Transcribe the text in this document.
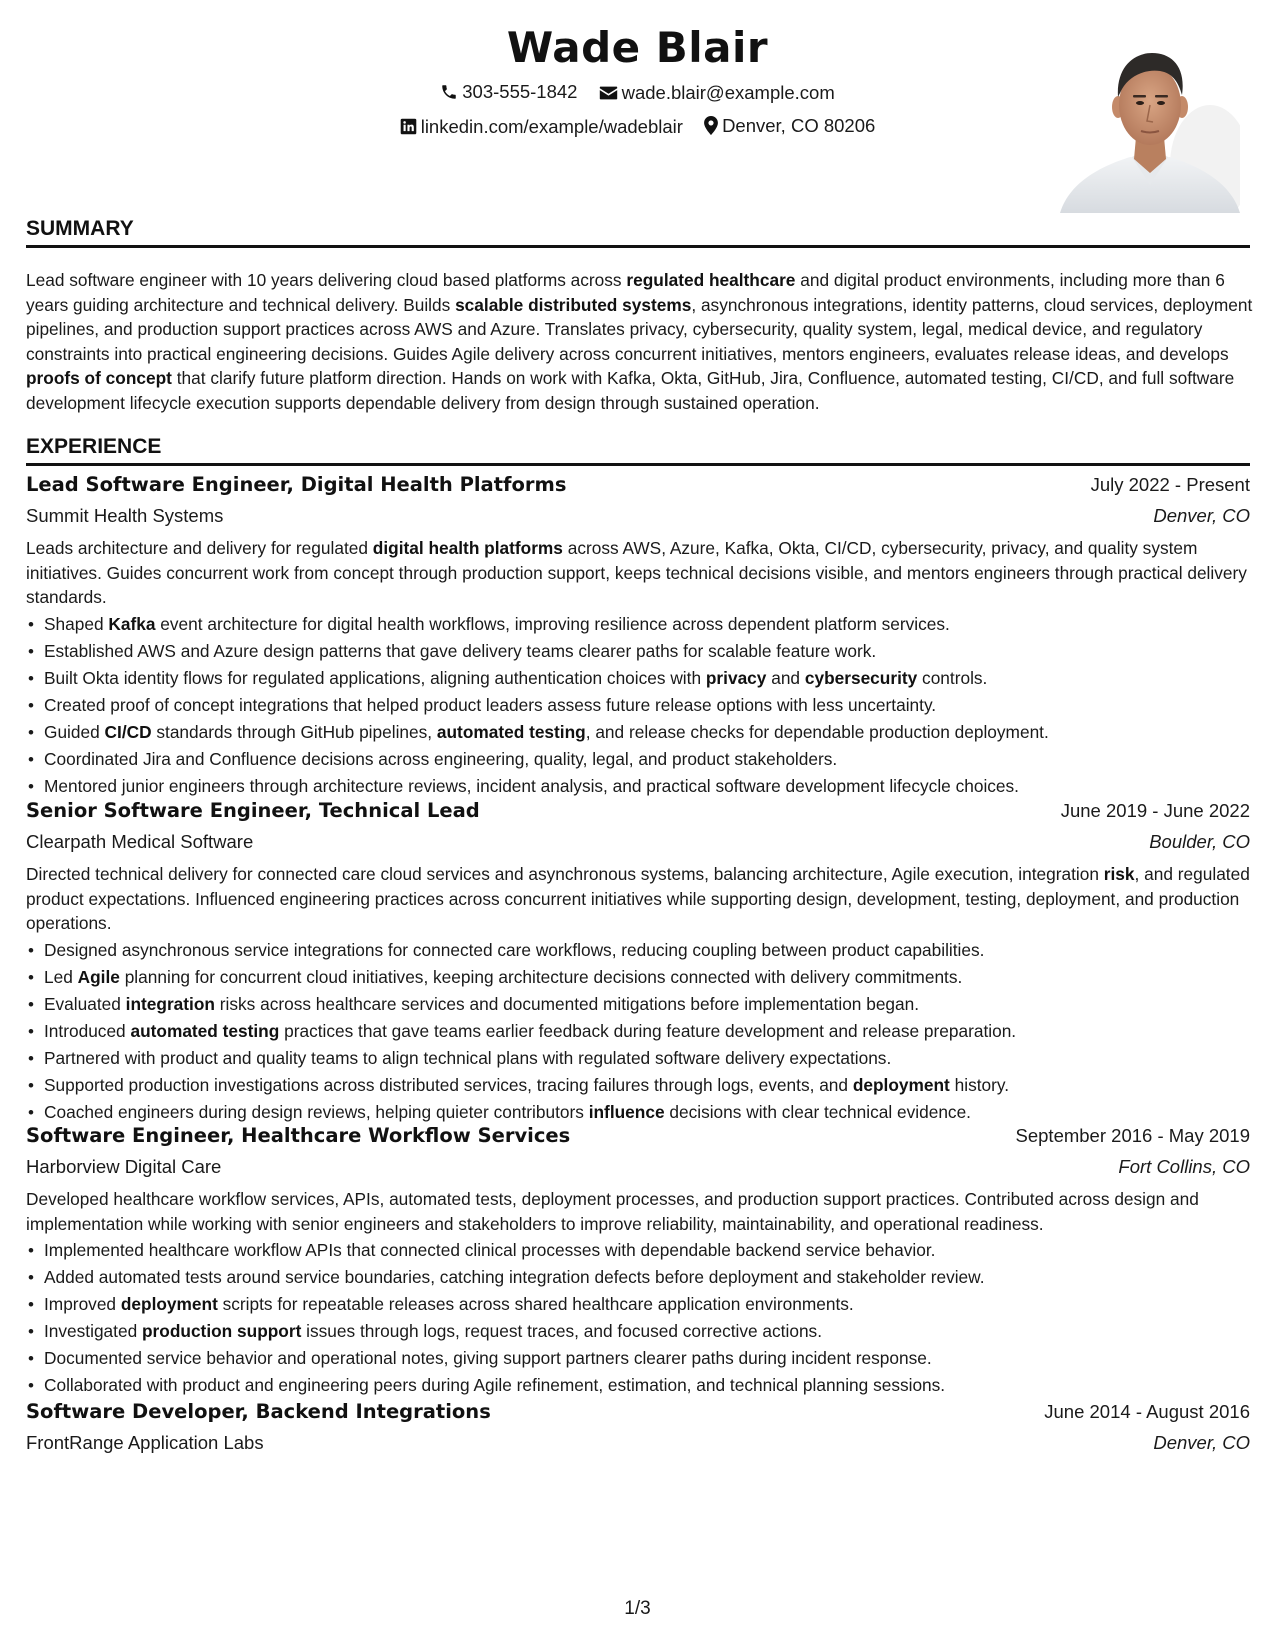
Wade Blair
303-555-1842
wade.blair@example.com
linkedin.com/example/wadeblair
Denver, CO 80206
SUMMARY
Lead software engineer with 10 years delivering cloud based platforms across regulated healthcare and digital product environments, including more than 6 years guiding architecture and technical delivery. Builds scalable distributed systems, asynchronous integrations, identity patterns, cloud services, deployment pipelines, and production support practices across AWS and Azure. Translates privacy, cybersecurity, quality system, legal, medical device, and regulatory constraints into practical engineering decisions. Guides Agile delivery across concurrent initiatives, mentors engineers, evaluates release ideas, and develops proofs of concept that clarify future platform direction. Hands on work with Kafka, Okta, GitHub, Jira, Confluence, automated testing, CI/CD, and full software development lifecycle execution supports dependable delivery from design through sustained operation.
EXPERIENCE
Lead Software Engineer, Digital Health Platforms	July 2022 - Present
Summit Health Systems	Denver, CO
Leads architecture and delivery for regulated digital health platforms across AWS, Azure, Kafka, Okta, CI/CD, cybersecurity, privacy, and quality system initiatives. Guides concurrent work from concept through production support, keeps technical decisions visible, and mentors engineers through practical delivery standards.
• Shaped Kafka event architecture for digital health workflows, improving resilience across dependent platform services.
• Established AWS and Azure design patterns that gave delivery teams clearer paths for scalable feature work.
• Built Okta identity flows for regulated applications, aligning authentication choices with privacy and cybersecurity controls.
• Created proof of concept integrations that helped product leaders assess future release options with less uncertainty.
• Guided CI/CD standards through GitHub pipelines, automated testing, and release checks for dependable production deployment.
• Coordinated Jira and Confluence decisions across engineering, quality, legal, and product stakeholders.
• Mentored junior engineers through architecture reviews, incident analysis, and practical software development lifecycle choices.
Senior Software Engineer, Technical Lead	June 2019 - June 2022
Clearpath Medical Software	Boulder, CO
Directed technical delivery for connected care cloud services and asynchronous systems, balancing architecture, Agile execution, integration risk, and regulated product expectations. Influenced engineering practices across concurrent initiatives while supporting design, development, testing, deployment, and production operations.
• Designed asynchronous service integrations for connected care workflows, reducing coupling between product capabilities.
• Led Agile planning for concurrent cloud initiatives, keeping architecture decisions connected with delivery commitments.
• Evaluated integration risks across healthcare services and documented mitigations before implementation began.
• Introduced automated testing practices that gave teams earlier feedback during feature development and release preparation.
• Partnered with product and quality teams to align technical plans with regulated software delivery expectations.
• Supported production investigations across distributed services, tracing failures through logs, events, and deployment history.
• Coached engineers during design reviews, helping quieter contributors influence decisions with clear technical evidence.
Software Engineer, Healthcare Workflow Services	September 2016 - May 2019
Harborview Digital Care	Fort Collins, CO
Developed healthcare workflow services, APIs, automated tests, deployment processes, and production support practices. Contributed across design and implementation while working with senior engineers and stakeholders to improve reliability, maintainability, and operational readiness.
• Implemented healthcare workflow APIs that connected clinical processes with dependable backend service behavior.
• Added automated tests around service boundaries, catching integration defects before deployment and stakeholder review.
• Improved deployment scripts for repeatable releases across shared healthcare application environments.
• Investigated production support issues through logs, request traces, and focused corrective actions.
• Documented service behavior and operational notes, giving support partners clearer paths during incident response.
• Collaborated with product and engineering peers during Agile refinement, estimation, and technical planning sessions.
Software Developer, Backend Integrations	June 2014 - August 2016
FrontRange Application Labs	Denver, CO
1/3
